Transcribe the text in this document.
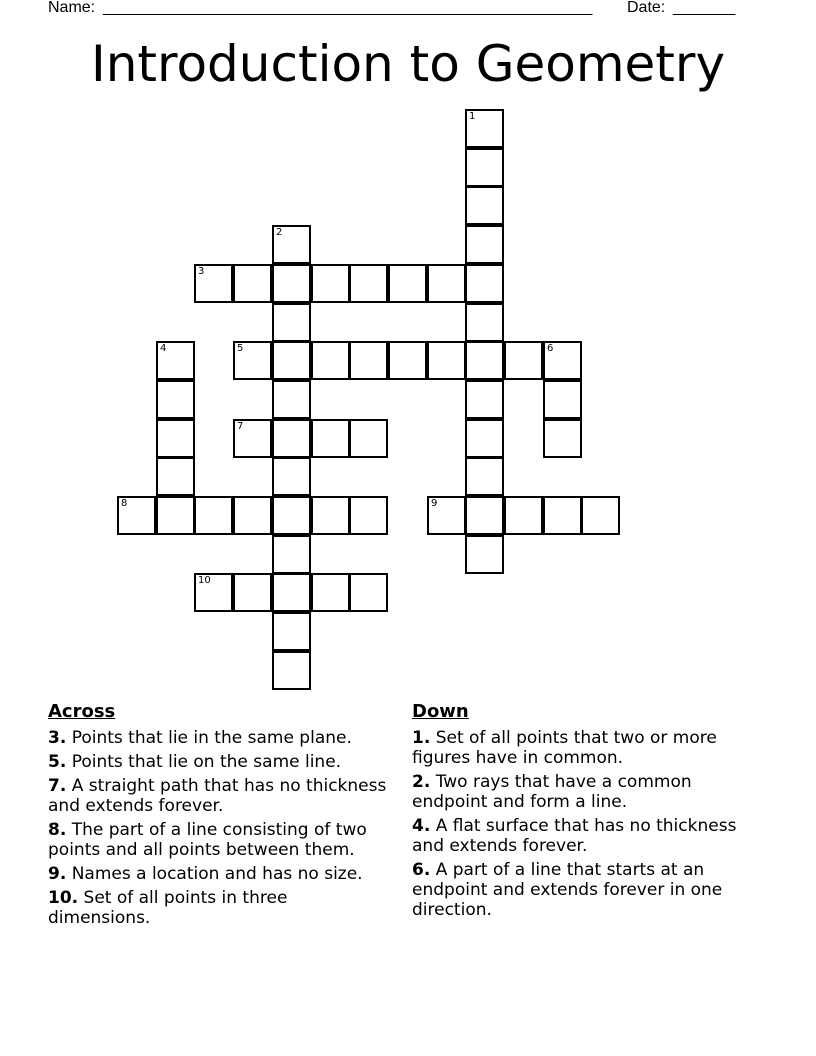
Name: _______________________________________________________ Date: _______
Introduction to Geometry
1
2
3
4	5	6
7
8	9
10
Across
3. Points that lie in the same plane.
5. Points that lie on the same line.
7. A straight path that has no thickness and extends forever.
8. The part of a line consisting of two points and all points between them.
9. Names a location and has no size.
10. Set of all points in three dimensions.
Down
1. Set of all points that two or more figures have in common.
2. Two rays that have a common endpoint and form a line.
4. A flat surface that has no thickness and extends forever.
6. A part of a line that starts at an endpoint and extends forever in one direction.
